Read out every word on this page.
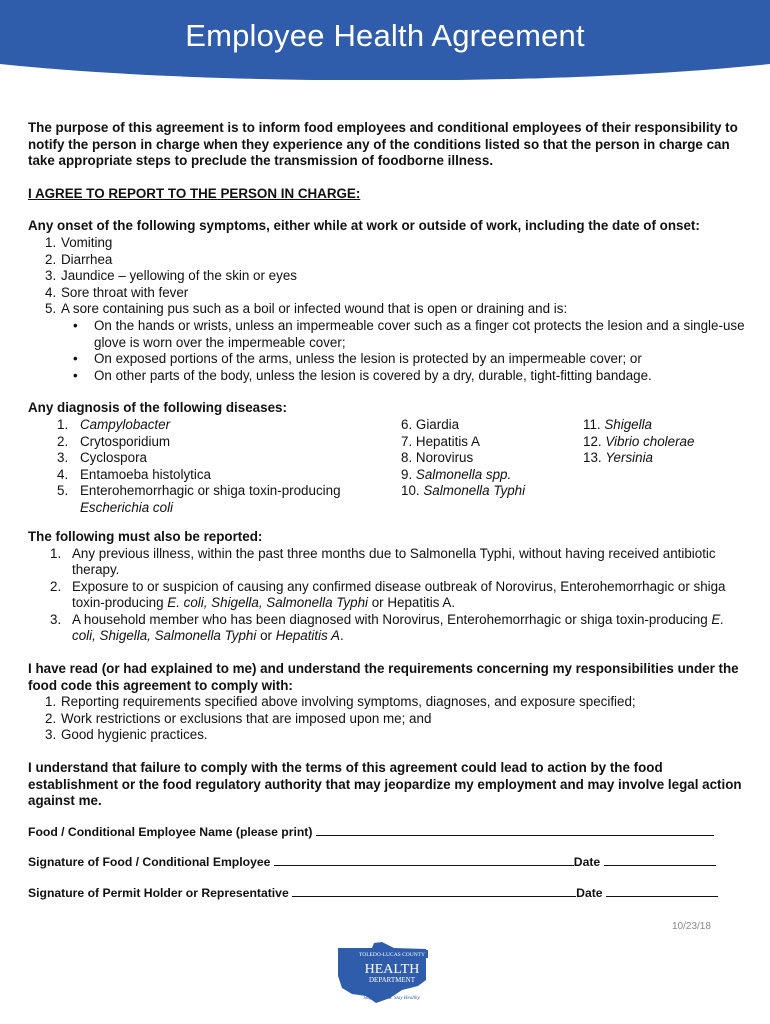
Employee Health Agreement

The purpose of this agreement is to inform food employees and conditional employees of their responsibility to notify the person in charge when they experience any of the conditions listed so that the person in charge can take appropriate steps to preclude the transmission of foodborne illness.

I AGREE TO REPORT TO THE PERSON IN CHARGE:

Any onset of the following symptoms, either while at work or outside of work, including the date of onset:

1. Vomiting
2. Diarrhea
3. Jaundice – yellowing of the skin or eyes
4. Sore throat with fever
5. A sore containing pus such as a boil or infected wound that is open or draining and is:
• On the hands or wrists, unless an impermeable cover such as a finger cot protects the lesion and a single-use glove is worn over the impermeable cover;
• On exposed portions of the arms, unless the lesion is protected by an impermeable cover; or
• On other parts of the body, unless the lesion is covered by a dry, durable, tight-fitting bandage.

Any diagnosis of the following diseases:

1. Campylobacter
2. Crytosporidium
3. Cyclospora
4. Entamoeba histolytica
5. Enterohemorrhagic or shiga toxin-producing
Escherichia coli
6. Giardia
7. Hepatitis A
8. Norovirus
9. Salmonella spp.
10. Salmonella Typhi
11. Shigella
12. Vibrio cholerae
13. Yersinia

The following must also be reported:

1. Any previous illness, within the past three months due to Salmonella Typhi, without having received antibiotic therapy.
2. Exposure to or suspicion of causing any confirmed disease outbreak of Norovirus, Enterohemorrhagic or shiga toxin-producing E. coli, Shigella, Salmonella Typhi or Hepatitis A.
3. A household member who has been diagnosed with Norovirus, Enterohemorrhagic or shiga toxin-producing E. coli, Shigella, Salmonella Typhi or Hepatitis A.

I have read (or had explained to me) and understand the requirements concerning my responsibilities under the food code this agreement to comply with:

1. Reporting requirements specified above involving symptoms, diagnoses, and exposure specified;
2. Work restrictions or exclusions that are imposed upon me; and
3. Good hygienic practices.

I understand that failure to comply with the terms of this agreement could lead to action by the food establishment or the food regulatory authority that may jeopardize my employment and may involve legal action against me.

Food / Conditional Employee Name (please print)
Signature of Food / Conditional Employee	Date
Signature of Permit Holder or Representative	Date
10/23/18
TOLEDO-LUCAS COUNTY
HEALTH
DEPARTMENT
Stay Informed. Stay Healthy.
